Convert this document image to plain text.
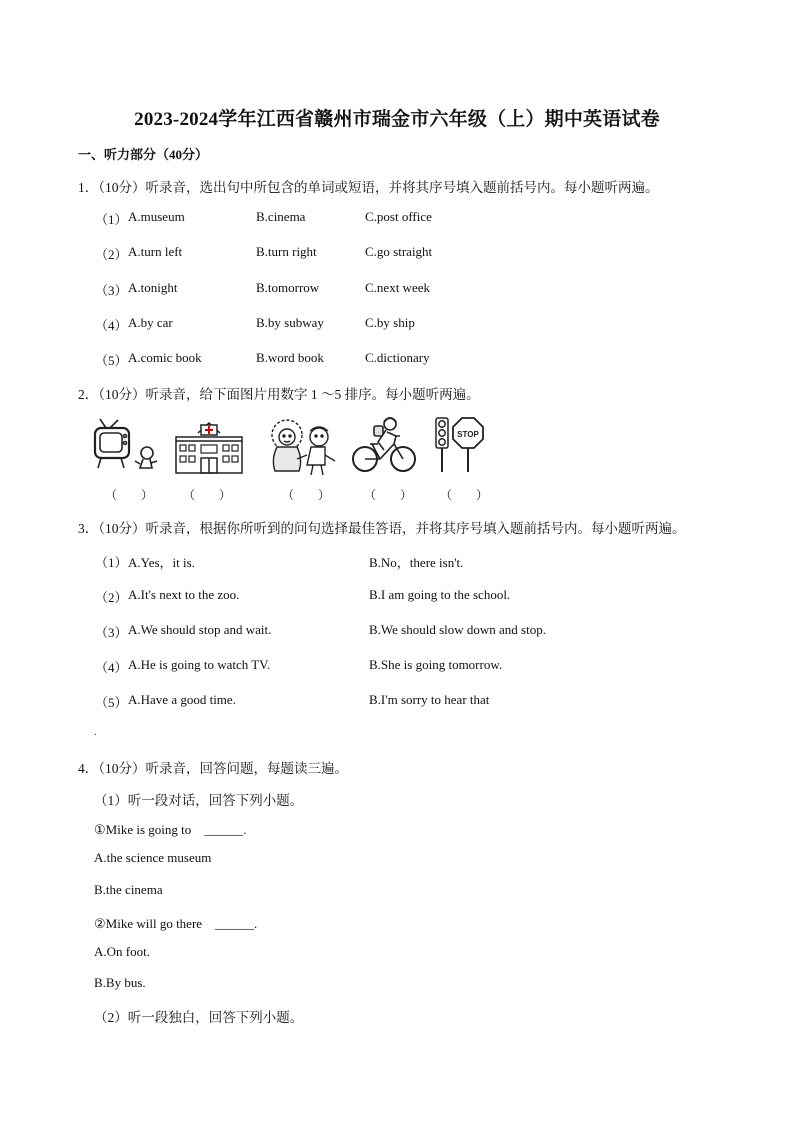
2023-2024学年江西省赣州市瑞金市六年级（上）期中英语试卷
一、听力部分（40分）
1．（10分）听录音，选出句中所包含的单词或短语，并将其序号填入题前括号内。每小题听两遍。
（1） A.museum	B.cinema	C.post office
（2） A.turn left	B.turn right	C.go straight
（3） A.tonight	B.tomorrow	C.next week
（4） A.by car	B.by subway	C.by ship
（5） A.comic book	B.word book	C.dictionary
2．（10分）听录音，给下面图片用数字 1 ～5 排序。每小题听两遍。
STOP
（　　） （　　）	（　　）	（　　） （　　）
3．（10分）听录音，根据你所听到的问句选择最佳答语，并将其序号填入题前括号内。每小题听两遍。
（1） A.Yes，it is.	B.No，there isn't.
（2） A.It's next to the zoo.	B.I am going to the school.
（3） A.We should stop and wait.	B.We should slow down and stop.
（4） A.He is going to watch TV.	B.She is going tomorrow.
（5） A.Have a good time.	B.I'm sorry to hear that
.
4．（10分）听录音，回答问题，每题读三遍。
（1）听一段对话，回答下列小题。
①Mike is going to　______.
A.the science museum
B.the cinema
②Mike will go there　______.
A.On foot.
B.By bus.
（2）听一段独白，回答下列小题。
